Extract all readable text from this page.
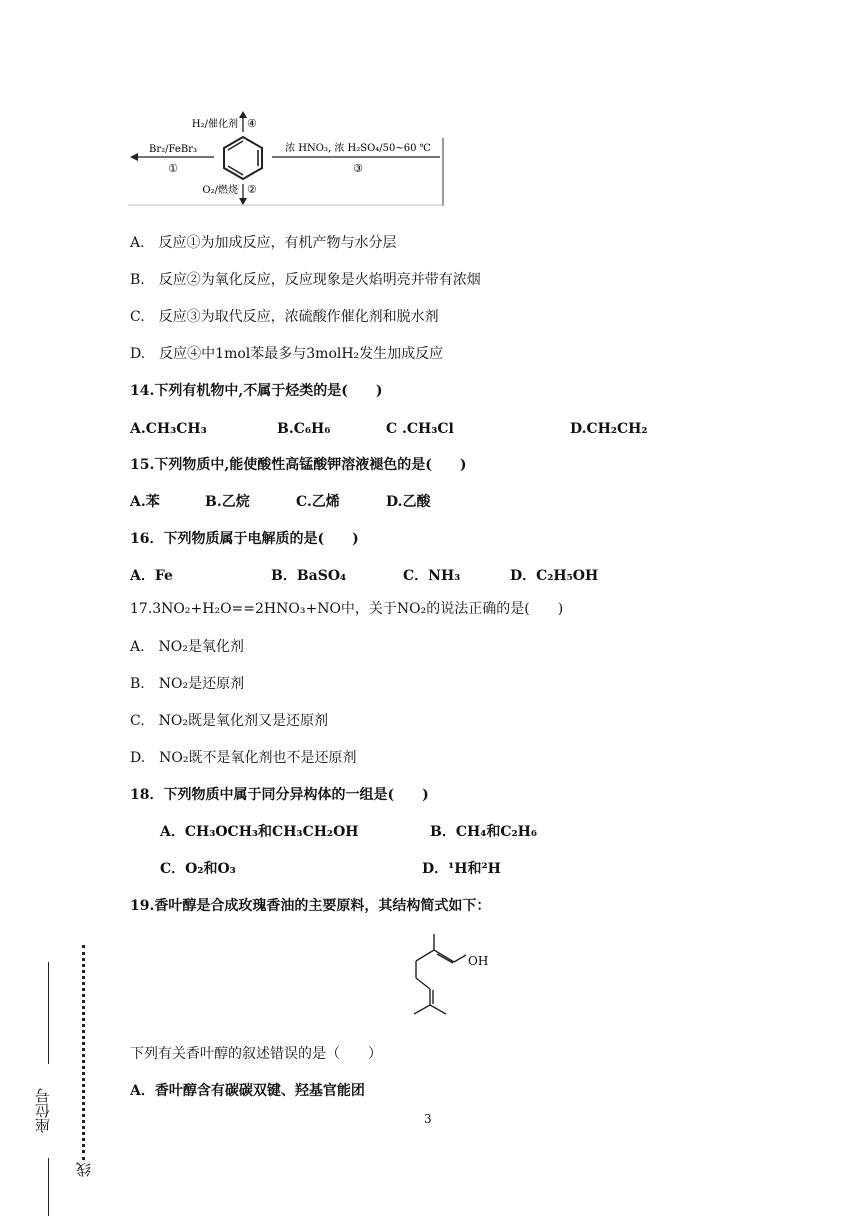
H₂/催化剂 ④
Br₂/FeBr₃
①
浓 HNO₃, 浓 H₂SO₄/50~60 ℃
③
O₂/燃烧 ②
A.　反应①为加成反应，有机产物与水分层
B.　反应②为氧化反应，反应现象是火焰明亮并带有浓烟
C.　反应③为取代反应，浓硫酸作催化剂和脱水剂
D.　反应④中1mol苯最多与3molH₂发生加成反应
14.下列有机物中,不属于烃类的是(　　)
A.CH₃CH₃	B.C₆H₆	C .CH₃Cl	D.CH₂CH₂
15.下列物质中,能使酸性高锰酸钾溶液褪色的是(　　)
A.苯	B.乙烷	C.乙烯	D.乙酸
16．下列物质属于电解质的是(　　)
A．Fe	B．BaSO₄	C．NH₃	D．C₂H₅OH
17.3NO₂+H₂O==2HNO₃+NO中，关于NO₂的说法正确的是(　　)
A.　NO₂是氧化剂
B.　NO₂是还原剂
C.　NO₂既是氧化剂又是还原剂
D.　NO₂既不是氧化剂也不是还原剂
18．下列物质中属于同分异构体的一组是(　　)
A．CH₃OCH₃和CH₃CH₂OH	B．CH₄和C₂H₆
C．O₂和O₃	D．¹H和²H
19.香叶醇是合成玫瑰香油的主要原料，其结构简式如下：
OH
下列有关香叶醇的叙述错误的是（　　）
A．香叶醇含有碳碳双键、羟基官能团
3
座位号
线
